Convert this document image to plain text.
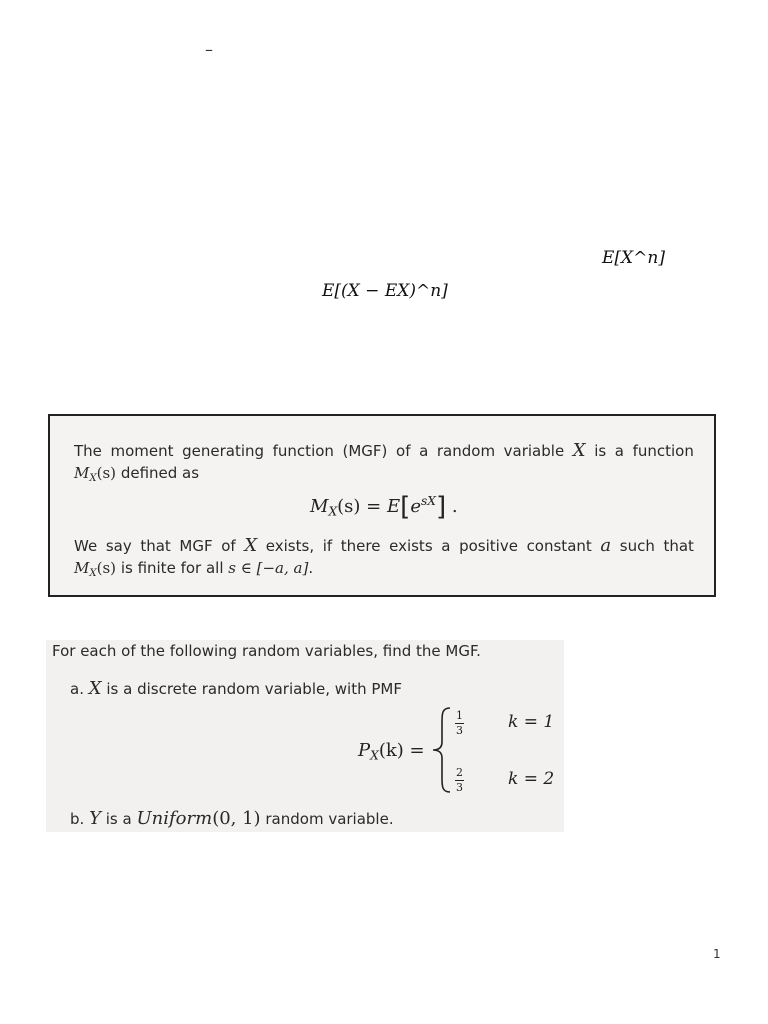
–
E[X^n]
E[(X − EX)^n]
The moment generating function (MGF) of a random variable X is a function
$M_X(s)$ defined as
$M_X(s) = E[e^{sX}]$ .
We say that MGF of X exists, if there exists a positive constant a such that
$M_X(s)$ is finite for all s ∈ [−a, a].
For each of the following random variables, find the MGF.
a. X is a discrete random variable, with PMF
$P_X(k)$ =
1
3	k = 1
2
3	k = 2
b. Y is a Uniform(0, 1) random variable.
1
